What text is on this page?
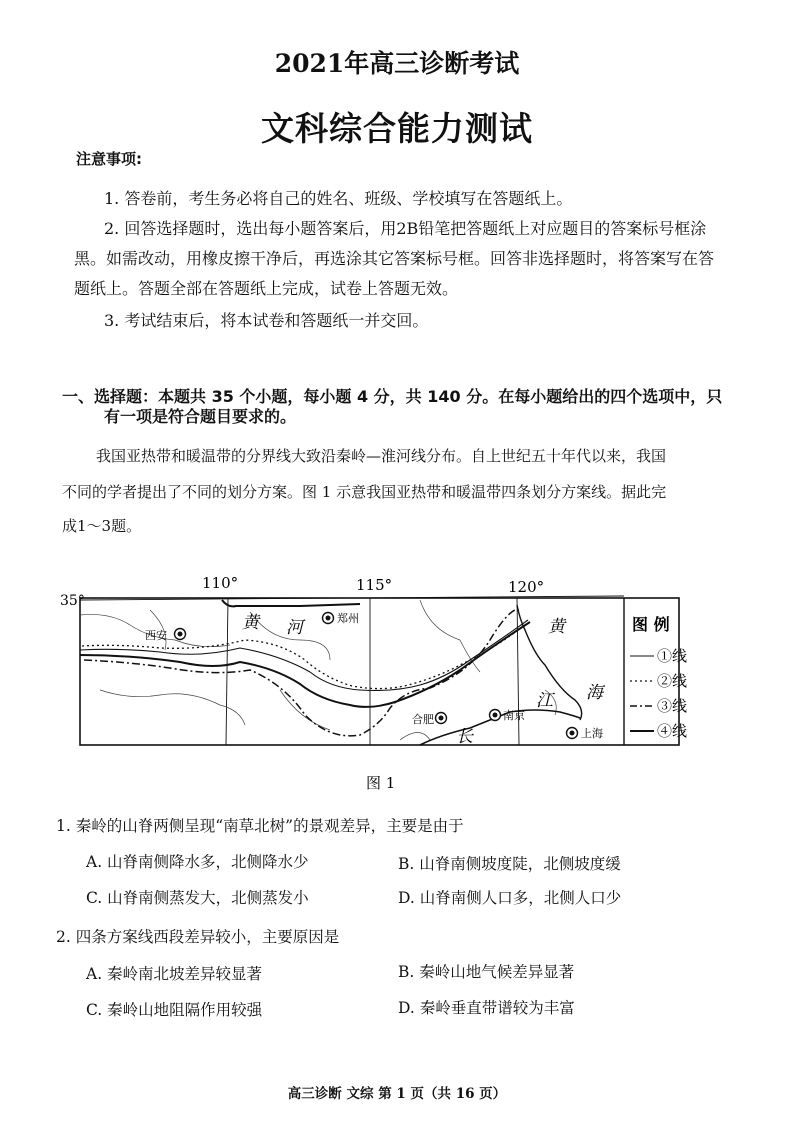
2021年高三诊断考试
文科综合能力测试
注意事项:
1. 答卷前，考生务必将自己的姓名、班级、学校填写在答题纸上。
2. 回答选择题时，选出每小题答案后，用2B铅笔把答题纸上对应题目的答案标号框涂
黑。如需改动，用橡皮擦干净后，再选涂其它答案标号框。回答非选择题时，将答案写在答
题纸上。答题全部在答题纸上完成，试卷上答题无效。
3. 考试结束后，将本试卷和答题纸一并交回。
一、选择题：本题共 35 个小题，每小题 4 分，共 140 分。在每小题给出的四个选项中，只
有一项是符合题目要求的。
我国亚热带和暖温带的分界线大致沿秦岭—淮河线分布。自上世纪五十年代以来，我国
不同的学者提出了不同的划分方案。图 1 示意我国亚热带和暖温带四条划分方案线。据此完
成1～3题。
110°	115°	120°
35°
黄 河	黄
海
江
长
西安
郑州
合肥	南京
上海
图 例
①线
②线
③线
④线
图 1
1. 秦岭的山脊两侧呈现“南草北树”的景观差异，主要是由于
A. 山脊南侧降水多，北侧降水少	B. 山脊南侧坡度陡，北侧坡度缓
C. 山脊南侧蒸发大，北侧蒸发小	D. 山脊南侧人口多，北侧人口少
2. 四条方案线西段差异较小，主要原因是
A. 秦岭南北坡差异较显著	B. 秦岭山地气候差异显著
C. 秦岭山地阻隔作用较强	D. 秦岭垂直带谱较为丰富
高三诊断 文综 第 1 页（共 16 页）
